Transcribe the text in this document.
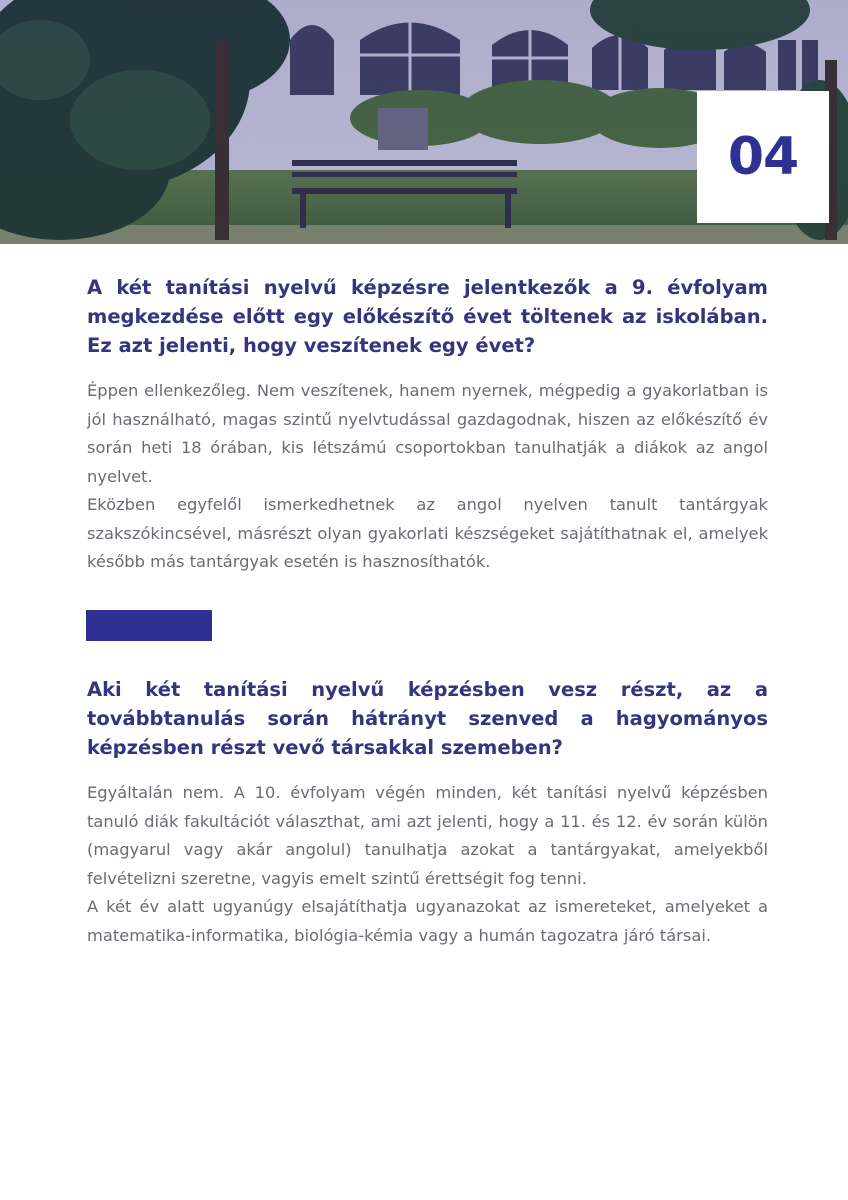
04

A két tanítási nyelvű képzésre jelentkezők a 9. évfolyam megkezdése előtt egy előkészítő évet töltenek az iskolában. Ez azt jelenti, hogy veszítenek egy évet?

Éppen ellenkezőleg. Nem veszítenek, hanem nyernek, mégpedig a gyakorlatban is jól használható, magas szintű nyelvtudással gazdagodnak, hiszen az előkészítő év során heti 18 órában, kis létszámú csoportokban tanulhatják a diákok az angol nyelvet.

Eközben egyfelől ismerkedhetnek az angol nyelven tanult tantárgyak szakszókincsével, másrészt olyan gyakorlati készségeket sajátíthatnak el, amelyek később más tantárgyak esetén is hasznosíthatók.

Aki két tanítási nyelvű képzésben vesz részt, az a továbbtanulás során hátrányt szenved a hagyományos képzésben részt vevő társakkal szemeben?

Egyáltalán nem. A 10. évfolyam végén minden, két tanítási nyelvű képzésben tanuló diák fakultációt választhat, ami azt jelenti, hogy a 11. és 12. év során külön (magyarul vagy akár angolul) tanulhatja azokat a tantárgyakat, amelyekből felvételizni szeretne, vagyis emelt szintű érettségit fog tenni.

A két év alatt ugyanúgy elsajátíthatja ugyanazokat az ismereteket, amelyeket a matematika-informatika, biológia-kémia vagy a humán tagozatra járó társai.
